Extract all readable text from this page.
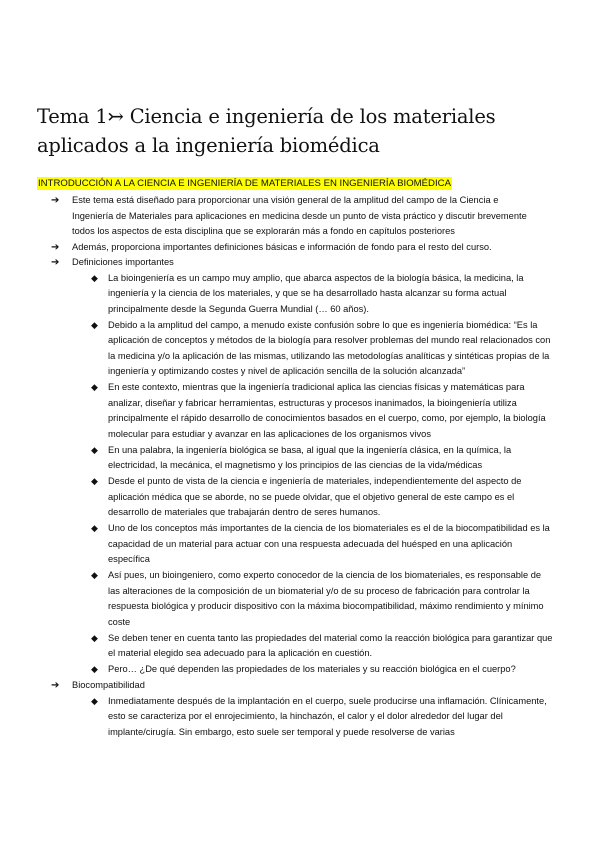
Tema 1↣ Ciencia e ingeniería de los materiales aplicados a la ingeniería biomédica
INTRODUCCIÓN A LA CIENCIA E INGENIERÍA DE MATERIALES EN INGENIERÍA BIOMÉDICA
➔ Este tema está diseñado para proporcionar una visión general de la amplitud del campo de la Ciencia e Ingeniería de Materiales para aplicaciones en medicina desde un punto de vista práctico y discutir brevemente todos los aspectos de esta disciplina que se explorarán más a fondo en capítulos posteriores
➔ Además, proporciona importantes definiciones básicas e información de fondo para el resto del curso.
➔ Definiciones importantes
◆ La bioingeniería es un campo muy amplio, que abarca aspectos de la biología básica, la medicina, la ingeniería y la ciencia de los materiales, y que se ha desarrollado hasta alcanzar su forma actual principalmente desde la Segunda Guerra Mundial (… 60 años).
◆ Debido a la amplitud del campo, a menudo existe confusión sobre lo que es ingeniería biomédica: “Es la aplicación de conceptos y métodos de la biología para resolver problemas del mundo real relacionados con la medicina y/o la aplicación de las mismas, utilizando las metodologías analíticas y sintéticas propias de la ingeniería y optimizando costes y nivel de aplicación sencilla de la solución alcanzada”
◆ En este contexto, mientras que la ingeniería tradicional aplica las ciencias físicas y matemáticas para analizar, diseñar y fabricar herramientas, estructuras y procesos inanimados, la bioingeniería utiliza principalmente el rápido desarrollo de conocimientos basados en el cuerpo, como, por ejemplo, la biología molecular para estudiar y avanzar en las aplicaciones de los organismos vivos
◆ En una palabra, la ingeniería biológica se basa, al igual que la ingeniería clásica, en la química, la electricidad, la mecánica, el magnetismo y los principios de las ciencias de la vida/médicas
◆ Desde el punto de vista de la ciencia e ingeniería de materiales, independientemente del aspecto de aplicación médica que se aborde, no se puede olvidar, que el objetivo general de este campo es el desarrollo de materiales que trabajarán dentro de seres humanos.
◆ Uno de los conceptos más importantes de la ciencia de los biomateriales es el de la biocompatibilidad es la capacidad de un material para actuar con una respuesta adecuada del huésped en una aplicación específica
◆ Así pues, un bioingeniero, como experto conocedor de la ciencia de los biomateriales, es responsable de las alteraciones de la composición de un biomaterial y/o de su proceso de fabricación para controlar la respuesta biológica y producir dispositivo con la máxima biocompatibilidad, máximo rendimiento y mínimo coste
◆ Se deben tener en cuenta tanto las propiedades del material como la reacción biológica para garantizar que el material elegido sea adecuado para la aplicación en cuestión.
◆ Pero… ¿De qué dependen las propiedades de los materiales y su reacción biológica en el cuerpo?
➔ Biocompatibilidad
◆ Inmediatamente después de la implantación en el cuerpo, suele producirse una inflamación. Clínicamente, esto se caracteriza por el enrojecimiento, la hinchazón, el calor y el dolor alrededor del lugar del implante/cirugía. Sin embargo, esto suele ser temporal y puede resolverse de varias
